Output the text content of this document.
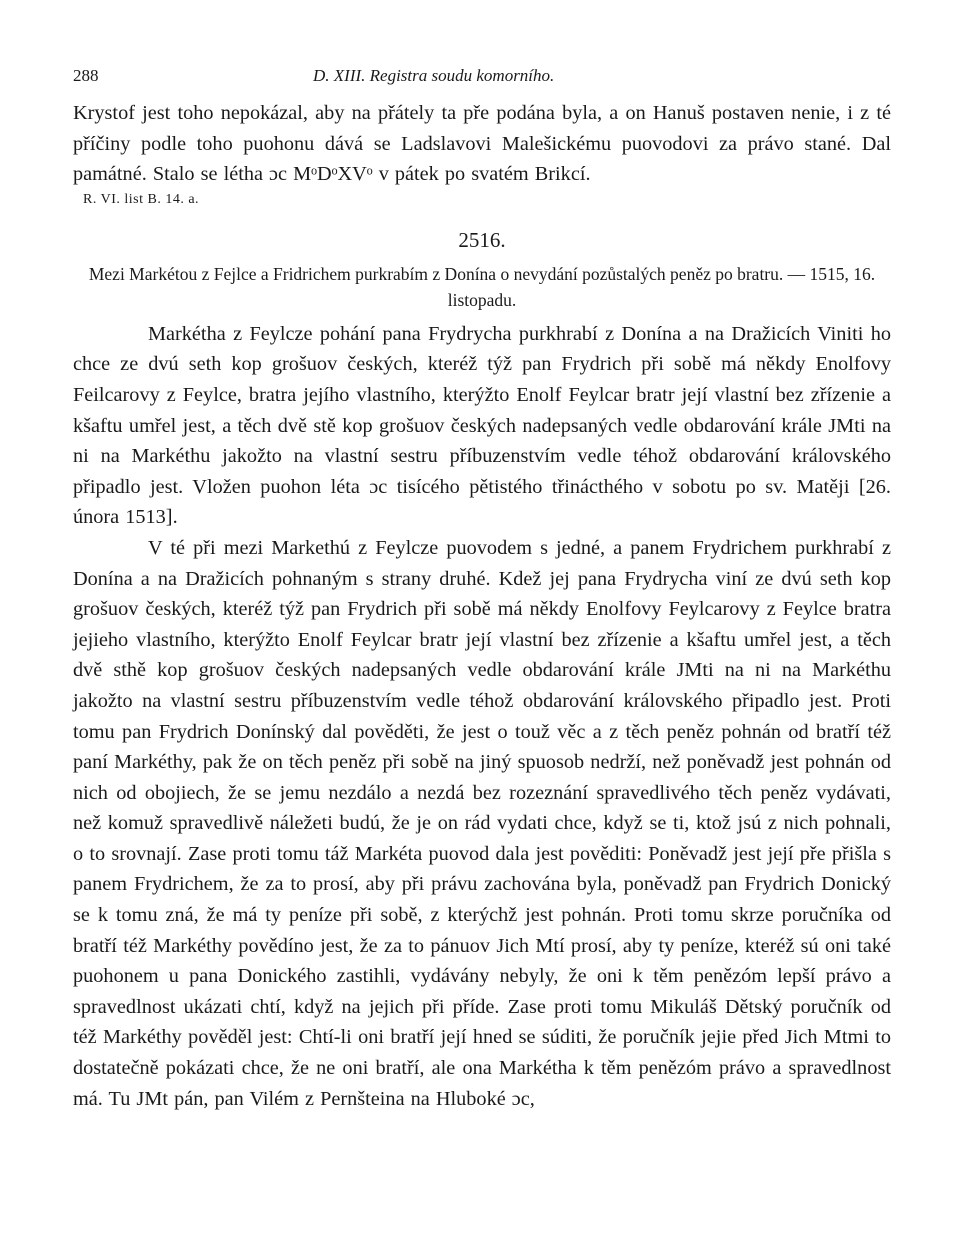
288	D. XIII. Registra soudu komorního.

Krystof jest toho nepokázal, aby na přátely ta pře podána byla, a on Hanuš postaven nenie, i z té příčiny podle toho puohonu dává se Ladslavovi Malešickému puovodovi za právo stané. Dal památné. Stalo se létha ɔc MᵒDᵒXVᵒ v pátek po svatém Brikcí.

R. VI. list B. 14. a.
2516.

Mezi Markétou z Fejlce a Fridrichem purkrabím z Donína o nevydání pozůstalých peněz po bratru. — 1515, 16. listopadu.

Markétha z Feylcze pohání pana Frydrycha purkhrabí z Donína a na Dražicích Viniti ho chce ze dvú seth kop grošuov českých, kteréž týž pan Frydrich při sobě má někdy Enolfovy Feilcarovy z Feylce, bratra jejího vlastního, kterýžto Enolf Feylcar bratr její vlastní bez zřízenie a kšaftu umřel jest, a těch dvě stě kop grošuov českých nadepsaných vedle obdarování krále JMti na ni na Markéthu jakožto na vlastní sestru příbuzenstvím vedle téhož obdarování královského připadlo jest. Vložen puohon léta ɔc tisícého pětistého třinácthého v sobotu po sv. Matěji [26. února 1513].

V té při mezi Markethú z Feylcze puovodem s jedné, a panem Frydrichem purkhrabí z Donína a na Dražicích pohnaným s strany druhé. Kdež jej pana Frydrycha viní ze dvú seth kop grošuov českých, kteréž týž pan Frydrich při sobě má někdy Enolfovy Feylcarovy z Feylce bratra jejieho vlastního, kterýžto Enolf Feylcar bratr její vlastní bez zřízenie a kšaftu umřel jest, a těch dvě sthě kop grošuov českých nadepsaných vedle obdarování krále JMti na ni na Markéthu jakožto na vlastní sestru příbuzenstvím vedle téhož obdarování královského připadlo jest. Proti tomu pan Frydrich Donínský dal pověděti, že jest o touž věc a z těch peněz pohnán od bratří též paní Markéthy, pak že on těch peněz při sobě na jiný spuosob nedrží, než poněvadž jest pohnán od nich od obojiech, že se jemu nezdálo a nezdá bez rozeznání spravedlivého těch peněz vydávati, než komuž spravedlivě náležeti budú, že je on rád vydati chce, když se ti, ktož jsú z nich pohnali, o to srovnají. Zase proti tomu táž Markéta puovod dala jest pověditi: Poněvadž jest její pře přišla s panem Frydrichem, že za to prosí, aby při právu zachována byla, poněvadž pan Frydrich Donický se k tomu zná, že má ty peníze při sobě, z kterýchž jest pohnán. Proti tomu skrze poručníka od bratří též Markéthy povědíno jest, že za to pánuov Jich Mtí prosí, aby ty peníze, kteréž sú oni také puohonem u pana Donického zastihli, vydávány nebyly, že oni k těm penězóm lepší právo a spravedlnost ukázati chtí, když na jejich při příde. Zase proti tomu Mikuláš Dětský poručník od též Markéthy pověděl jest: Chtí-li oni bratří její hned se súditi, že poručník jejie před Jich Mtmi to dostatečně pokázati chce, že ne oni bratří, ale ona Markétha k těm penězóm právo a spravedlnost má. Tu JMt pán, pan Vilém z Pernšteina na Hluboké ɔc,
